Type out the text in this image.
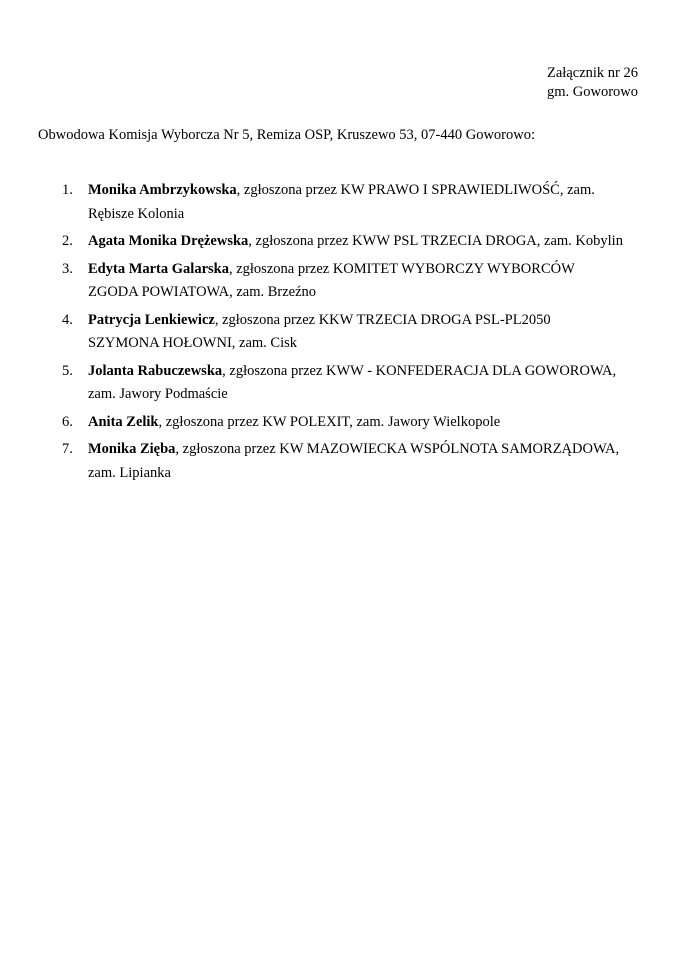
Załącznik nr 26
gm. Goworowo
Obwodowa Komisja Wyborcza Nr 5, Remiza OSP, Kruszewo 53, 07-440 Goworowo:
1.	Monika Ambrzykowska, zgłoszona przez KW PRAWO I SPRAWIEDLIWOŚĆ, zam. Rębisze Kolonia
2.	Agata Monika Drężewska, zgłoszona przez KWW PSL TRZECIA DROGA, zam. Kobylin
3.	Edyta Marta Galarska, zgłoszona przez KOMITET WYBORCZY WYBORCÓW ZGODA POWIATOWA, zam. Brzeźno
4.	Patrycja Lenkiewicz, zgłoszona przez KKW TRZECIA DROGA PSL-PL2050 SZYMONA HOŁOWNI, zam. Cisk
5.	Jolanta Rabuczewska, zgłoszona przez KWW - KONFEDERACJA DLA GOWOROWA, zam. Jawory Podmaście
6.	Anita Zelik, zgłoszona przez KW POLEXIT, zam. Jawory Wielkopole
7.	Monika Zięba, zgłoszona przez KW MAZOWIECKA WSPÓLNOTA SAMORZĄDOWA, zam. Lipianka
